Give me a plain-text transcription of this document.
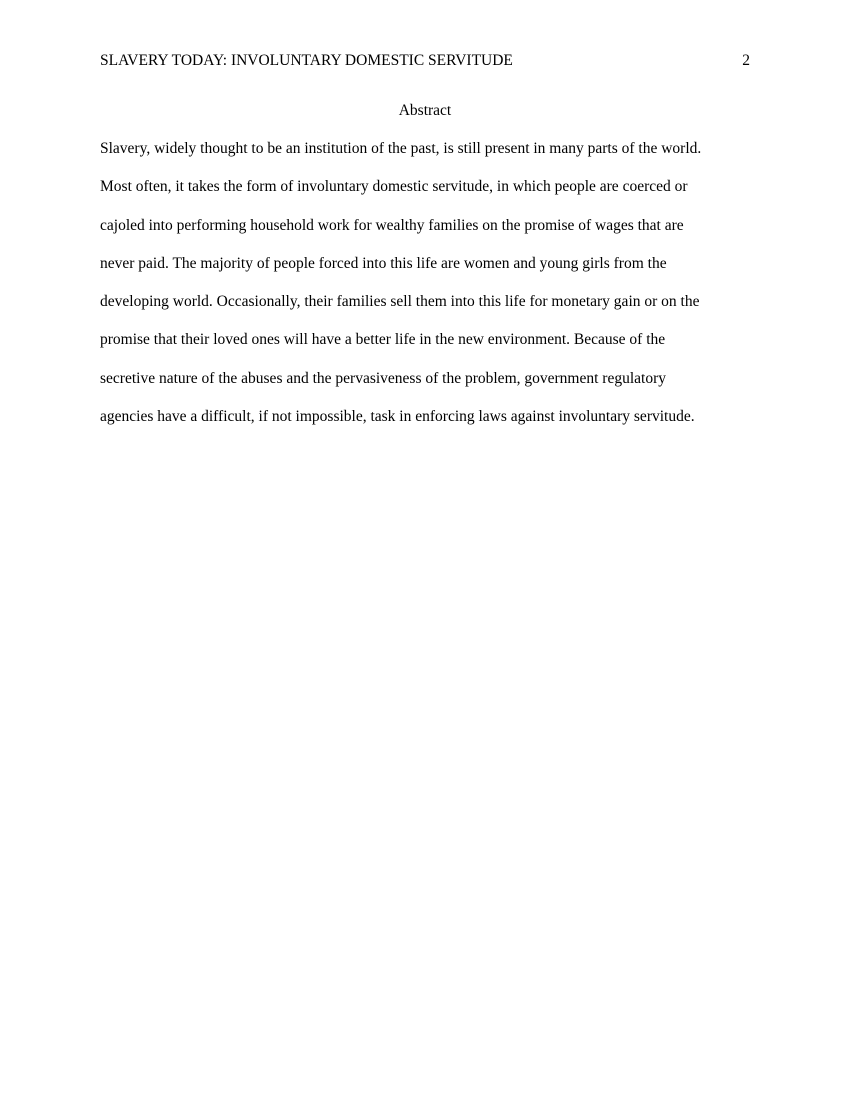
SLAVERY TODAY: INVOLUNTARY DOMESTIC SERVITUDE	2
Abstract
Slavery, widely thought to be an institution of the past, is still present in many parts of the world.
Most often, it takes the form of involuntary domestic servitude, in which people are coerced or
cajoled into performing household work for wealthy families on the promise of wages that are
never paid. The majority of people forced into this life are women and young girls from the
developing world. Occasionally, their families sell them into this life for monetary gain or on the
promise that their loved ones will have a better life in the new environment. Because of the
secretive nature of the abuses and the pervasiveness of the problem, government regulatory
agencies have a difficult, if not impossible, task in enforcing laws against involuntary servitude.
